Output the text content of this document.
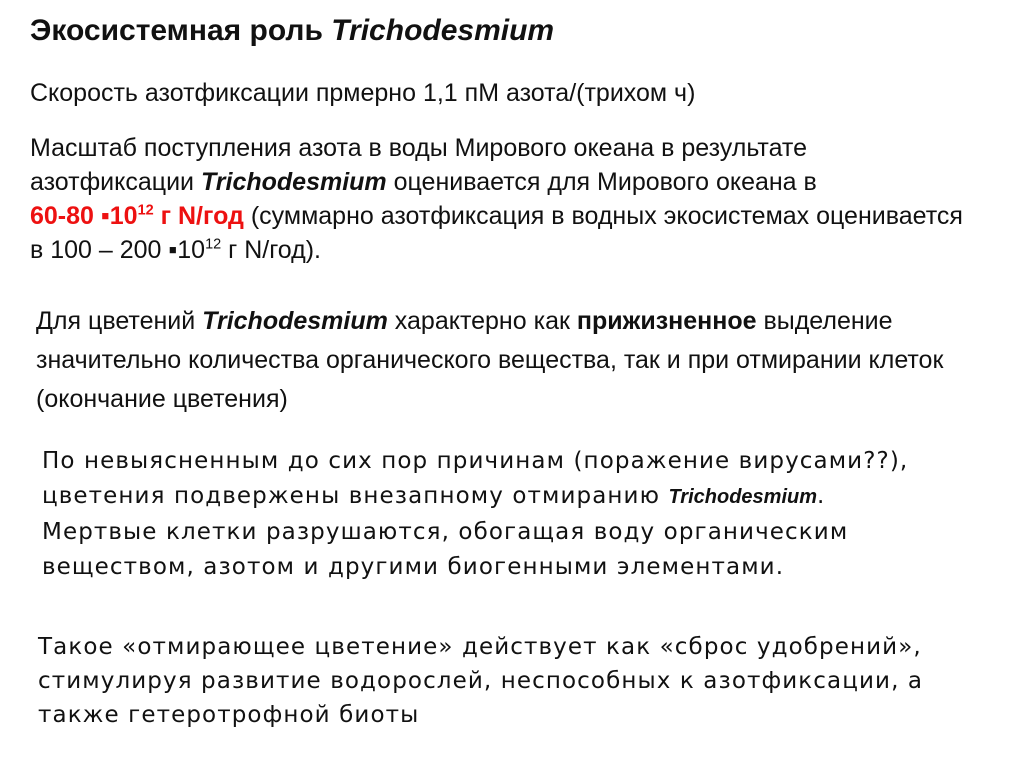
Экосистемная роль Trichodesmium

Скорость азотфиксации прмерно 1,1 пМ азота/(трихом ч)

Масштаб поступления азота в воды Мирового океана в результате
азотфиксации Trichodesmium оценивается для Мирового океана в
60-80 $▪10^{12}$ г N/год (суммарно азотфиксация в водных экосистемах оценивается
в 100 – 200 $▪10^{12}$ г N/год).

Для цветений Trichodesmium характерно как прижизненное выделение
значительно количества органического вещества, так и при отмирании клеток
(окончание цветения)

По невыясненным до сих пор причинам (поражение вирусами??),
цветения подвержены внезапному отмиранию Trichodesmium.
Мертвые клетки разрушаются, обогащая воду органическим
веществом, азотом и другими биогенными элементами.

Такое «отмирающее цветение» действует как «сброс удобрений»,
стимулируя развитие водорослей, неспособных к азотфиксации, а
также гетеротрофной биоты
